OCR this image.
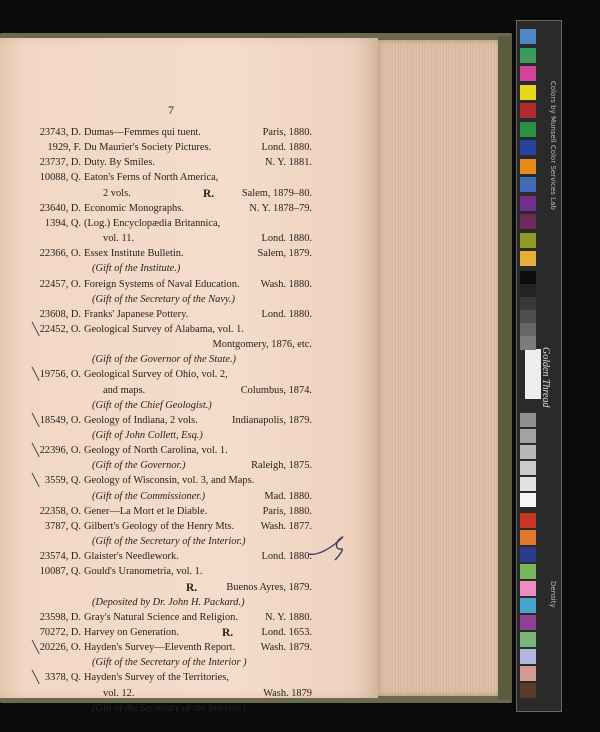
7
23743, D. Dumas—Femmes qui tuent.	Paris, 1880.
1929, F. Du Maurier's Society Pictures.	Lond. 1880.
23737, D. Duty. By Smiles.	N. Y. 1881.
10088, Q. Eaton's Ferns of North America,
2 vols.	R.	Salem, 1879–80.
23640, D. Economic Monographs.	N. Y. 1878–79.
1394, Q. (Log.) Encyclopædia Britannica,
vol. 11.	Lond. 1880.
22366, O. Essex Institute Bulletin.	Salem, 1879.
(Gift of the Institute.)
22457, O. Foreign Systems of Naval Education. Wash. 1880.
(Gift of the Secretary of the Navy.)
23608, D. Franks' Japanese Pottery.	Lond. 1880.
╲ 22452, O. Geological Survey of Alabama, vol. 1.
Montgomery, 1876, etc.
(Gift of the Governor of the State.)
╲ 19756, O. Geological Survey of Ohio, vol. 2,
and maps.	Columbus, 1874.
(Gift of the Chief Geologist.)
╲ 18549, O. Geology of Indiana, 2 vols.	Indianapolis, 1879.
(Gift of John Collett, Esq.)
╲ 22396, O. Geology of North Carolina, vol. 1.
(Gift of the Governor.)	Raleigh, 1875.
╲ 3559, Q. Geology of Wisconsin, vol. 3, and Maps.
(Gift of the Commissioner.)	Mad. 1880.
22358, O. Gener—La Mort et le Diable.	Paris, 1880.
3787, Q. Gilbert's Geology of the Henry Mts.	Wash. 1877.
(Gift of the Secretary of the Interior.)
23574, D. Glaister's Needlework.	Lond. 1880.
10087, Q. Gould's Uranometria, vol. 1.
R.	Buenos Ayres, 1879.
(Deposited by Dr. John H. Packard.)
23598, D. Gray's Natural Science and Religion.	N. Y. 1880.
70272, D. Harvey on Generation.	R.	Lond. 1653.
╲ 20226, O. Hayden's Survey—Eleventh Report. Wash. 1879.
(Gift of the Secretary of the Interior )
╲ 3378, Q. Hayden's Survey of the Territories,
vol. 12.	Wash. 1879
(Gift of the Secretary of the Interior.)
Golden Thread
Colors by Munsell Color Services Lab
Density
